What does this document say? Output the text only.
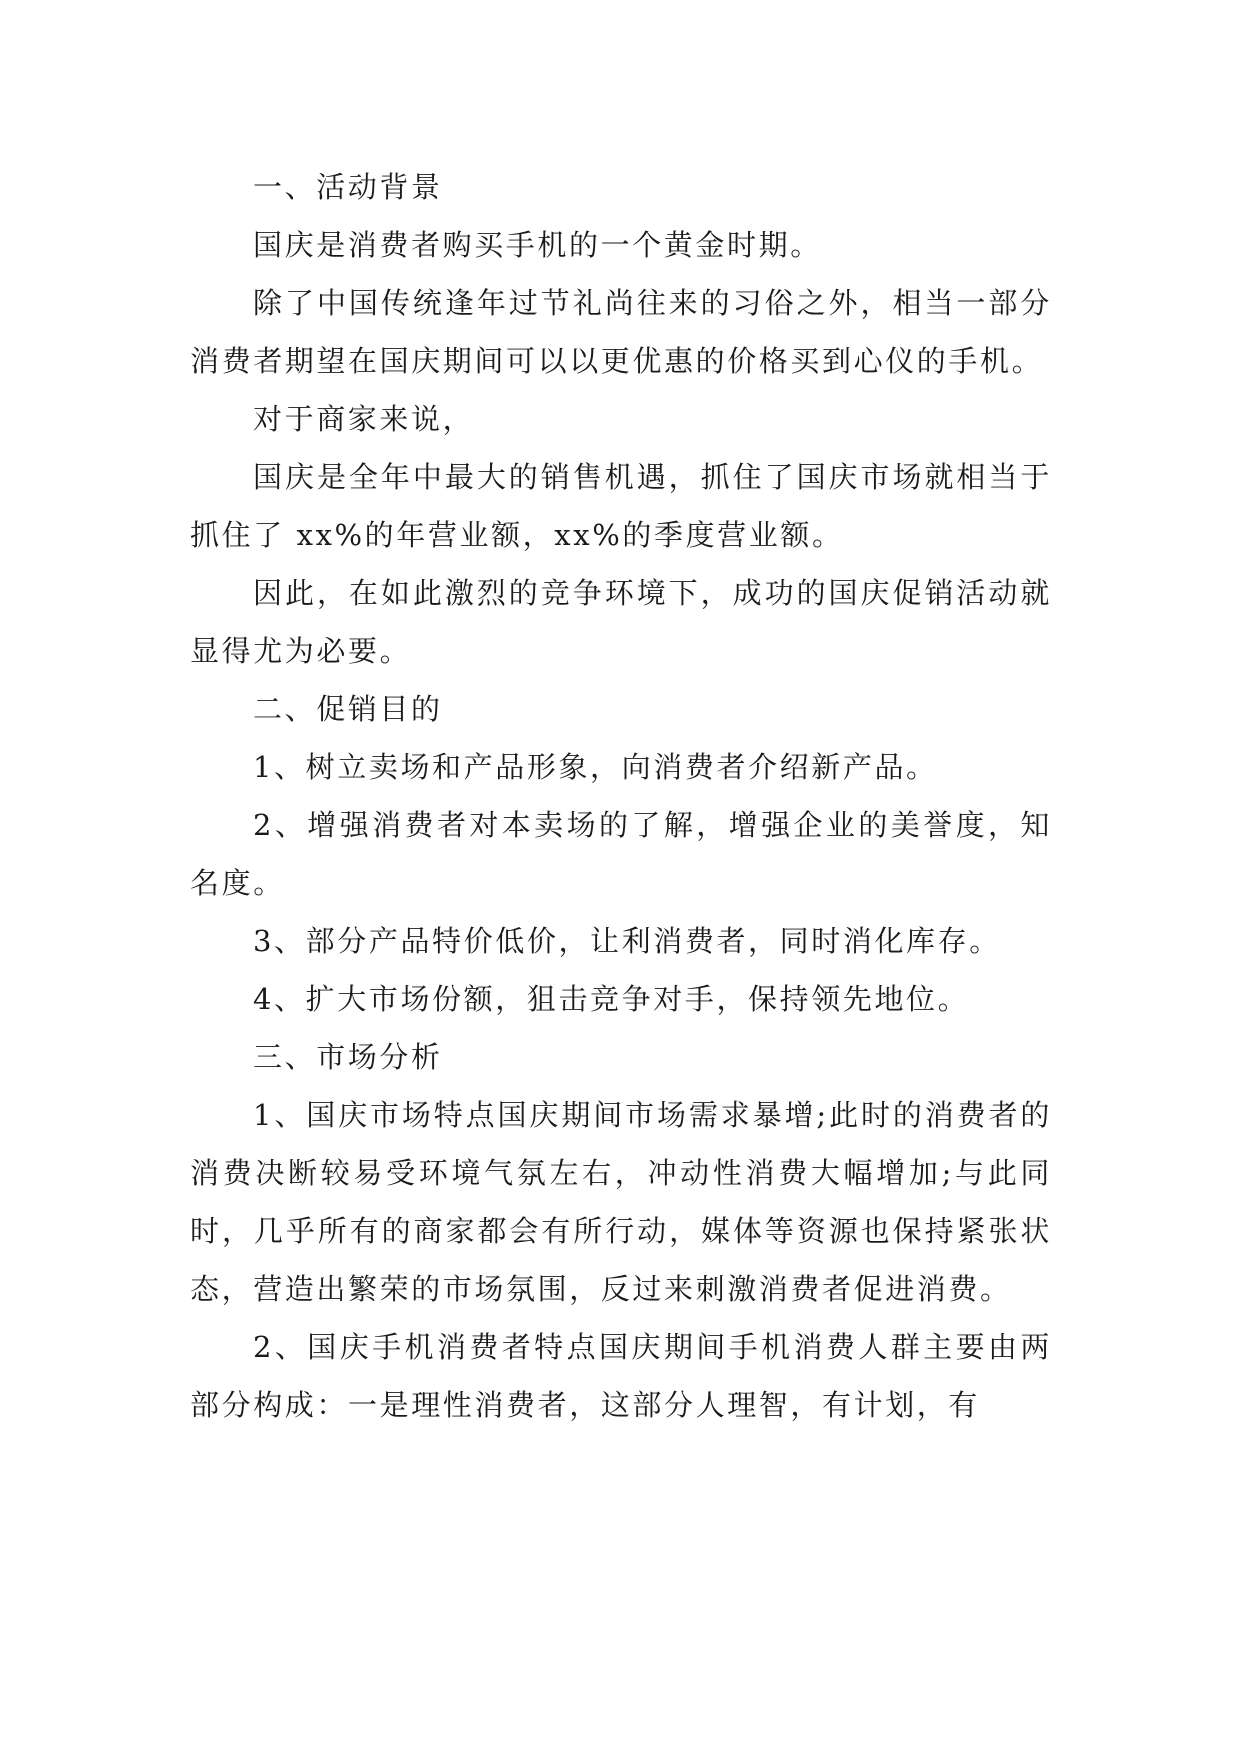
一、活动背景

国庆是消费者购买手机的一个黄金时期。

除了中国传统逢年过节礼尚往来的习俗之外，相当一部分消费者期望在国庆期间可以以更优惠的价格买到心仪的手机。

对于商家来说，

国庆是全年中最大的销售机遇，抓住了国庆市场就相当于抓住了 xx%的年营业额，xx%的季度营业额。

因此，在如此激烈的竞争环境下，成功的国庆促销活动就显得尤为必要。

二、促销目的

1、树立卖场和产品形象，向消费者介绍新产品。

2、增强消费者对本卖场的了解，增强企业的美誉度，知名度。

3、部分产品特价低价，让利消费者，同时消化库存。

4、扩大市场份额，狙击竞争对手，保持领先地位。

三、市场分析

1、国庆市场特点国庆期间市场需求暴增;此时的消费者的消费决断较易受环境气氛左右，冲动性消费大幅增加;与此同时，几乎所有的商家都会有所行动，媒体等资源也保持紧张状态，营造出繁荣的市场氛围，反过来刺激消费者促进消费。

2、国庆手机消费者特点国庆期间手机消费人群主要由两部分构成：一是理性消费者，这部分人理智，有计划，有
